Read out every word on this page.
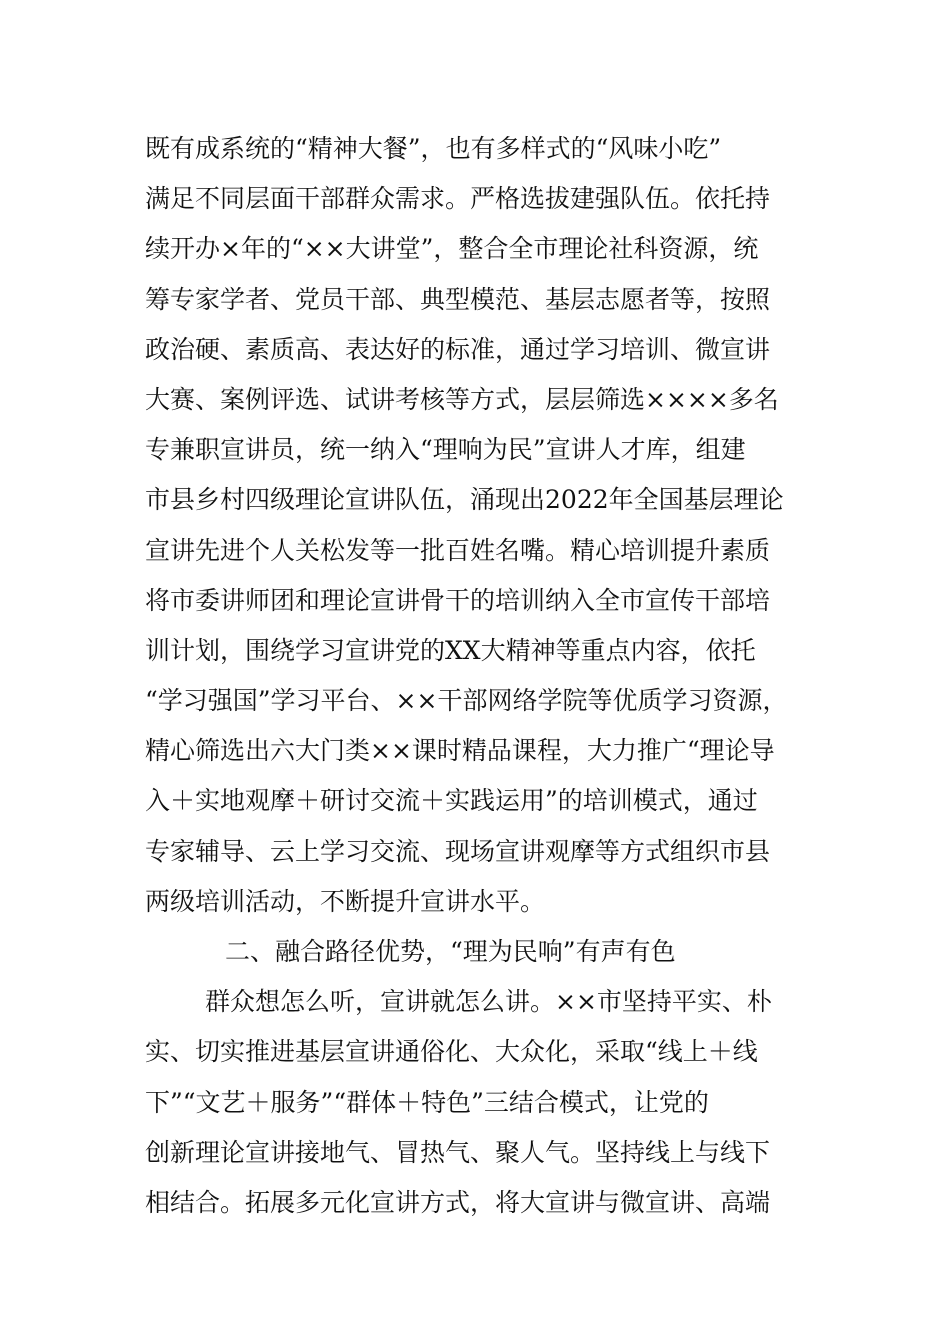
既有成系统的“精神大餐”，也有多样式的“风味小吃”
满足不同层面干部群众需求。严格选拔建强队伍。依托持
续开办×年的“××大讲堂”，整合全市理论社科资源，统
筹专家学者、党员干部、典型模范、基层志愿者等，按照
政治硬、素质高、表达好的标准，通过学习培训、微宣讲
大赛、案例评选、试讲考核等方式，层层筛选××××多名
专兼职宣讲员，统一纳入“理响为民”宣讲人才库，组建
市县乡村四级理论宣讲队伍，涌现出2022年全国基层理论
宣讲先进个人关松发等一批百姓名嘴。精心培训提升素质
将市委讲师团和理论宣讲骨干的培训纳入全市宣传干部培
训计划，围绕学习宣讲党的XX大精神等重点内容，依托
“学习强国”学习平台、××干部网络学院等优质学习资源，
精心筛选出六大门类××课时精品课程，大力推广“理论导
入＋实地观摩＋研讨交流＋实践运用”的培训模式，通过
专家辅导、云上学习交流、现场宣讲观摩等方式组织市县
两级培训活动，不断提升宣讲水平。
二、融合路径优势，“理为民响”有声有色
群众想怎么听，宣讲就怎么讲。××市坚持平实、朴
实、切实推进基层宣讲通俗化、大众化，采取“线上＋线
下”“文艺＋服务”“群体＋特色”三结合模式，让党的
创新理论宣讲接地气、冒热气、聚人气。坚持线上与线下
相结合。拓展多元化宣讲方式，将大宣讲与微宣讲、高端
